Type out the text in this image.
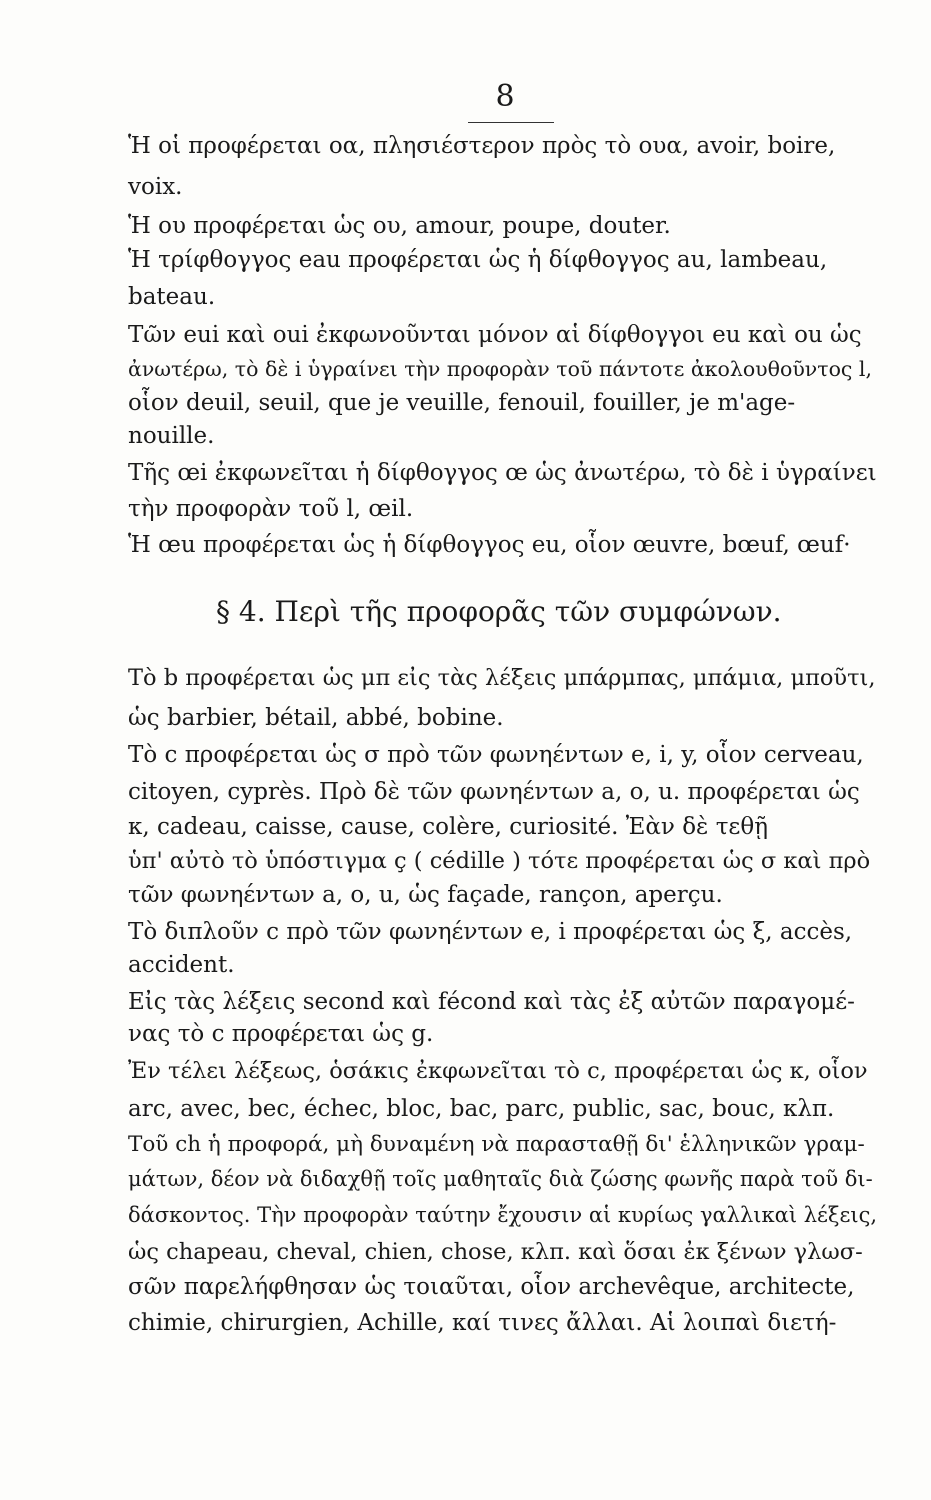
8
Ἡ οἱ προφέρεται οα, πλησιέστερον πρὸς τὸ ουα, avoir, boire,
voix.
Ἡ ου προφέρεται ὡς ου, amour, poupe, douter.
Ἡ τρίφθογγος eau προφέρεται ὡς ἡ δίφθογγος au, lambeau,
bateau.
Τῶν eui καὶ oui ἐκφωνοῦνται μόνον αἱ δίφθογγοι eu καὶ ou ὡς
ἀνωτέρω, τὸ δὲ i ὑγραίνει τὴν προφορὰν τοῦ πάντοτε ἀκολουθοῦντος l,
οἷον deuil, seuil, que je veuille, fenouil, fouiller, je m'age-
nouille.
Τῆς œi ἐκφωνεῖται ἡ δίφθογγος œ ὡς ἀνωτέρω, τὸ δὲ i ὑγραίνει
τὴν προφορὰν τοῦ l, œil.
Ἡ œu προφέρεται ὡς ἡ δίφθογγος eu, οἷον œuvre, bœuf, œuf·
§ 4. Περὶ τῆς προφορᾶς τῶν συμφώνων.
Τὸ b προφέρεται ὡς μπ εἰς τὰς λέξεις μπάρμπας, μπάμια, μποῦτι,
ὡς barbier, bétail, abbé, bobine.
Τὸ c προφέρεται ὡς σ πρὸ τῶν φωνηέντων e, i, y, οἷον cerveau,
citoyen, cyprès. Πρὸ δὲ τῶν φωνηέντων a, o, u. προφέρεται ὡς
κ, cadeau, caisse, cause, colère, curiosité. Ἐὰν δὲ τεθῇ
ὑπ' αὐτὸ τὸ ὑπόστιγμα ç ( cédille ) τότε προφέρεται ὡς σ καὶ πρὸ
τῶν φωνηέντων a, o, u, ὡς façade, rançon, aperçu.
Τὸ διπλοῦν c πρὸ τῶν φωνηέντων e, i προφέρεται ὡς ξ, accès,
accident.
Εἰς τὰς λέξεις second καὶ fécond καὶ τὰς ἐξ αὐτῶν παραγομέ-
νας τὸ c προφέρεται ὡς g.
Ἐν τέλει λέξεως, ὁσάκις ἐκφωνεῖται τὸ c, προφέρεται ὡς κ, οἷον
arc, avec, bec, échec, bloc, bac, parc, public, sac, bouc, κλπ.
Τοῦ ch ἡ προφορά, μὴ δυναμένη νὰ παρασταθῇ δι' ἑλληνικῶν γραμ-
μάτων, δέον νὰ διδαχθῇ τοῖς μαθηταῖς διὰ ζώσης φωνῆς παρὰ τοῦ δι-
δάσκοντος. Τὴν προφορὰν ταύτην ἔχουσιν αἱ κυρίως γαλλικαὶ λέξεις,
ὡς chapeau, cheval, chien, chose, κλπ. καὶ ὅσαι ἐκ ξένων γλωσ-
σῶν παρελήφθησαν ὡς τοιαῦται, οἷον archevêque, architecte,
chimie, chirurgien, Achille, καί τινες ἄλλαι. Αἱ λοιπαὶ διετή-
